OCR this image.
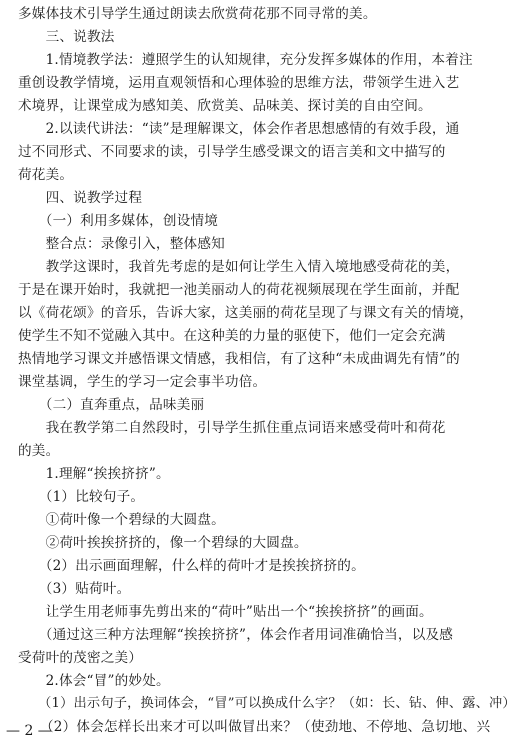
多媒体技术引导学生通过朗读去欣赏荷花那不同寻常的美。
　　三、说教法
　　1.情境教学法：遵照学生的认知规律，充分发挥多媒体的作用，本着注
重创设教学情境，运用直观领悟和心理体验的思维方法，带领学生进入艺
术境界，让课堂成为感知美、欣赏美、品味美、探讨美的自由空间。
　　2.以读代讲法：“读”是理解课文，体会作者思想感情的有效手段，通
过不同形式、不同要求的读，引导学生感受课文的语言美和文中描写的
荷花美。
　　四、说教学过程
　　（一）利用多媒体，创设情境
　　整合点：录像引入，整体感知
　　教学这课时，我首先考虑的是如何让学生入情入境地感受荷花的美，
于是在课开始时，我就把一池美丽动人的荷花视频展现在学生面前，并配
以《荷花颂》的音乐，告诉大家，这美丽的荷花呈现了与课文有关的情境，
使学生不知不觉融入其中。在这种美的力量的驱使下，他们一定会充满
热情地学习课文并感悟课文情感，我相信，有了这种“未成曲调先有情”的
课堂基调，学生的学习一定会事半功倍。
　　（二）直奔重点，品味美丽
　　我在教学第二自然段时，引导学生抓住重点词语来感受荷叶和荷花
的美。
　　1.理解“挨挨挤挤”。
　　（1）比较句子。
　　①荷叶像一个碧绿的大圆盘。
　　②荷叶挨挨挤挤的，像一个碧绿的大圆盘。
　　（2）出示画面理解，什么样的荷叶才是挨挨挤挤的。
　　（3）贴荷叶。
　　让学生用老师事先剪出来的“荷叶”贴出一个“挨挨挤挤”的画面。
　　（通过这三种方法理解“挨挨挤挤”，体会作者用词准确恰当，以及感
受荷叶的茂密之美）
　　2.体会“冒”的妙处。
　　（1）出示句子，换词体会，“冒”可以换成什么字？（如：长、钻、伸、露、冲）
（2）体会怎样长出来才可以叫做冒出来？（使劲地、不停地、急切地、兴
— 2 —
